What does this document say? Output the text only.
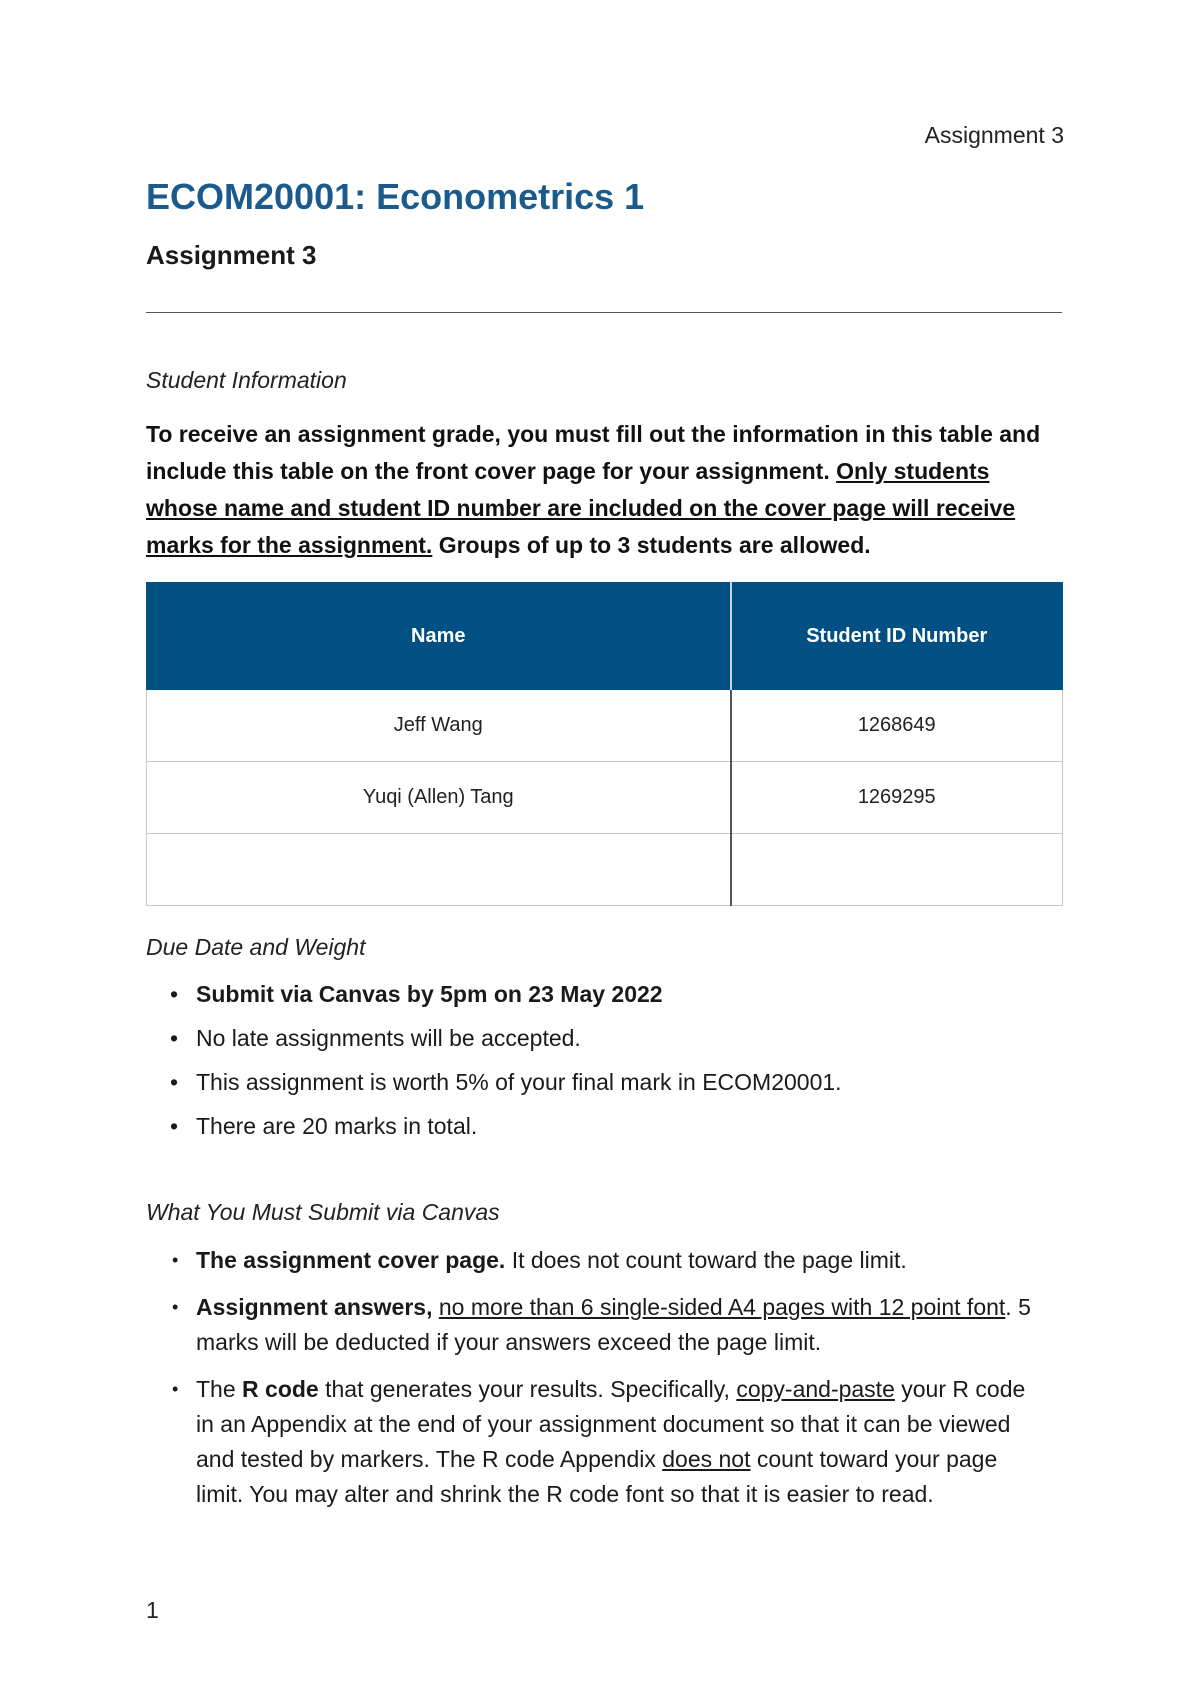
Assignment 3
ECOM20001: Econometrics 1
Assignment 3
Student Information

To receive an assignment grade, you must fill out the information in this table and include this table on the front cover page for your assignment. Only students whose name and student ID number are included on the cover page will receive marks for the assignment. Groups of up to 3 students are allowed.

Name	Student ID Number
Jeff Wang	1268649
Yuqi (Allen) Tang	1269295

Due Date and Weight
• Submit via Canvas by 5pm on 23 May 2022
• No late assignments will be accepted.
• This assignment is worth 5% of your final mark in ECOM20001.
• There are 20 marks in total.
What You Must Submit via Canvas
• The assignment cover page. It does not count toward the page limit.
• Assignment answers, no more than 6 single-sided A4 pages with 12 point font. 5 marks will be deducted if your answers exceed the page limit.
• The R code that generates your results. Specifically, copy-and-paste your R code in an Appendix at the end of your assignment document so that it can be viewed and tested by markers. The R code Appendix does not count toward your page limit. You may alter and shrink the R code font so that it is easier to read.
1
